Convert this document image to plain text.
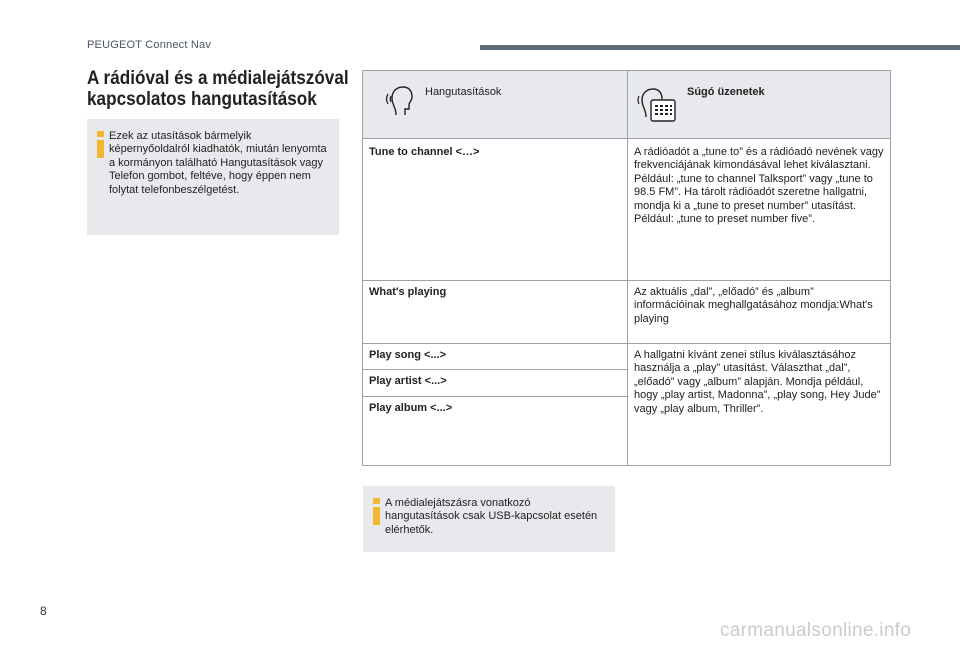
PEUGEOT Connect Nav
A rádióval és a médialejátszóval
kapcsolatos hangutasítások
Ezek az utasítások bármelyik képernyőoldalról kiadhatók, miután lenyomta a kormányon található Hangutasítások vagy Telefon gombot, feltéve, hogy éppen nem folytat telefonbeszélgetést.
Hangutasítások	Súgó üzenetek
Tune to channel <…>	A rádióadót a „tune to” és a rádióadó nevének vagy frekvenciájának kimondásával lehet kiválasztani. Például: „tune to channel Talksport” vagy „tune to 98.5 FM”. Ha tárolt rádióadót szeretne hallgatni, mondja ki a „tune to preset number” utasítást. Például: „tune to preset number five”.
What's playing	Az aktuális „dal”, „előadó” és „album” információinak meghallgatásához mondja:What's playing
Play song <...>	A hallgatni kívánt zenei stílus kiválasztásához használja a „play” utasítást. Választhat „dal”, „előadó” vagy „album” alapján. Mondja például, hogy „play artist, Madonna”, „play song, Hey Jude” vagy „play album, Thriller”.
Play artist <...>
Play album <...>
A médialejátszásra vonatkozó hangutasítások csak USB-kapcsolat esetén elérhetők.
8
carmanualsonline.info
